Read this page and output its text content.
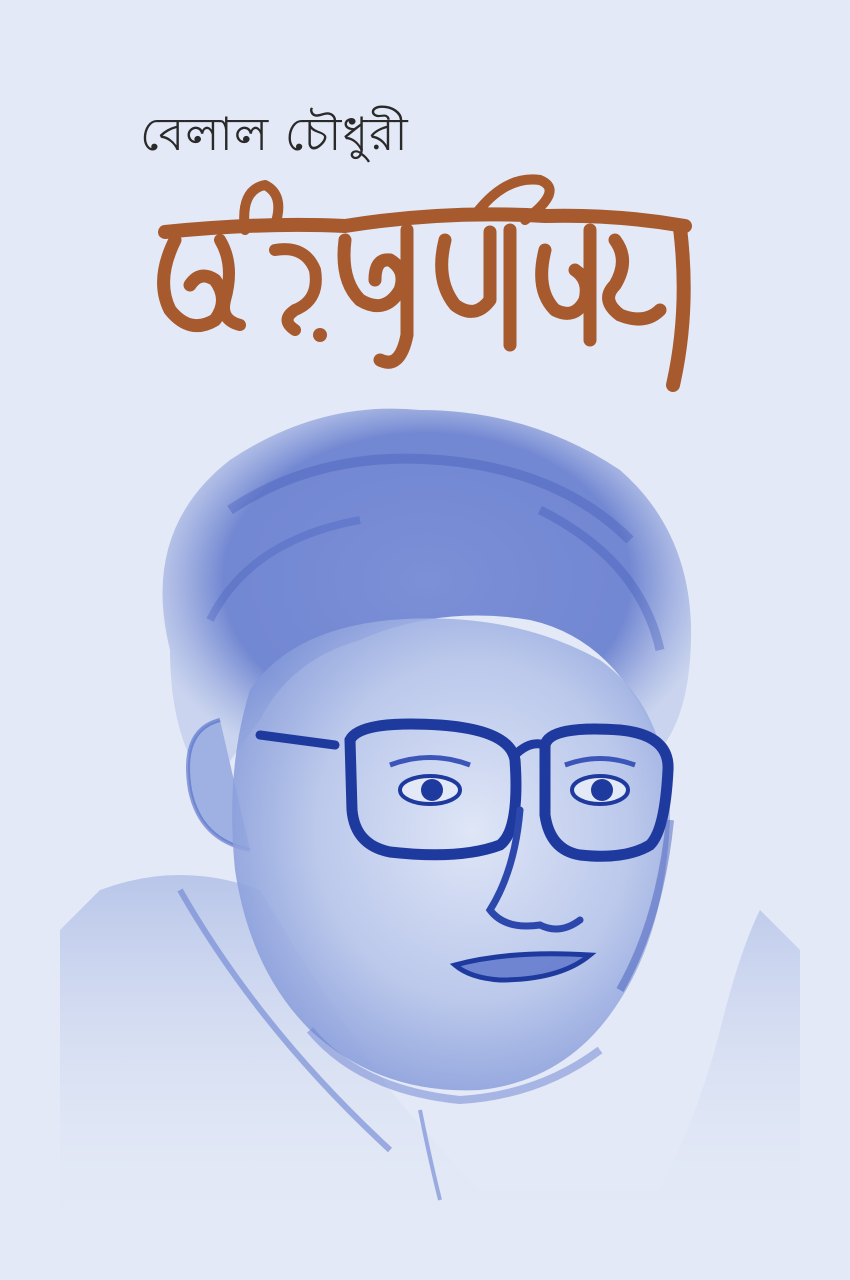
বেলাল চৌধুরী
